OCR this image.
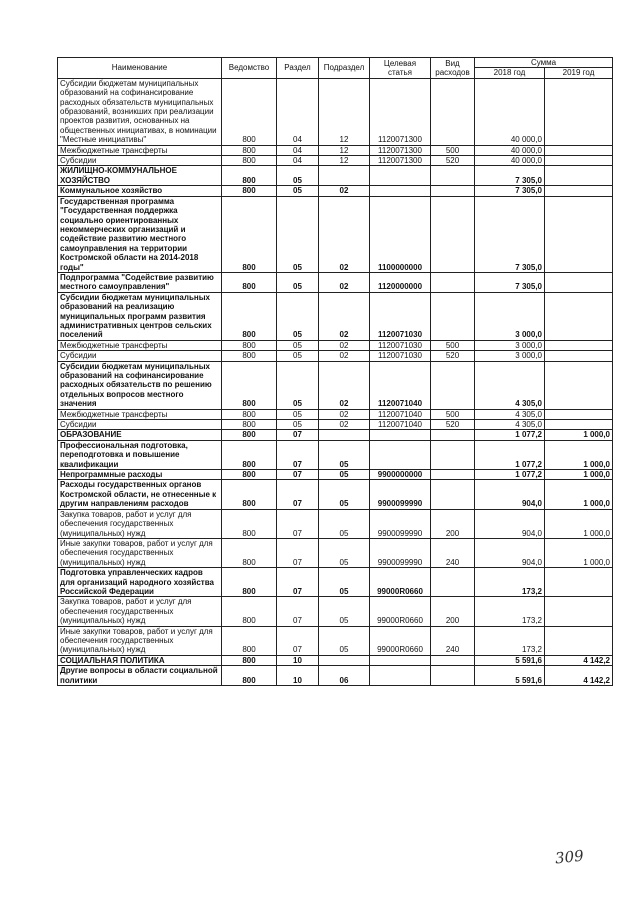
Наименование	Ведомство	Раздел	Подраздел	Целевая статья	Вид расходов	Сумма	
						2018 год	2019 год
Субсидии бюджетам муниципальных образований на софинансирование расходных обязательств муниципальных образований, возникших при реализации проектов развития, основанных на общественных инициативах, в номинации "Местные инициативы"	800	04	12	1120071300		40 000,0	
Межбюджетные трансферты	800	04	12	1120071300	500	40 000,0	
Субсидии	800	04	12	1120071300	520	40 000,0	
ЖИЛИЩНО-КОММУНАЛЬНОЕ ХОЗЯЙСТВО	800	05				7 305,0	
Коммунальное хозяйство	800	05	02			7 305,0	
Государственная программа "Государственная поддержка социально ориентированных некоммерческих организаций и содействие развитию местного самоуправления на территории Костромской области на 2014-2018 годы"	800	05	02	1100000000		7 305,0	
Подпрограмма "Содействие развитию местного самоуправления"	800	05	02	1120000000		7 305,0	
Субсидии бюджетам муниципальных образований на реализацию муниципальных программ развития административных центров сельских поселений	800	05	02	1120071030		3 000,0	
Межбюджетные трансферты	800	05	02	1120071030	500	3 000,0	
Субсидии	800	05	02	1120071030	520	3 000,0	
Субсидии бюджетам муниципальных образований на софинансирование расходных обязательств по решению отдельных вопросов местного значения	800	05	02	1120071040		4 305,0	
Межбюджетные трансферты	800	05	02	1120071040	500	4 305,0	
Субсидии	800	05	02	1120071040	520	4 305,0	
ОБРАЗОВАНИЕ	800	07				1 077,2	1 000,0
Профессиональная подготовка, переподготовка и повышение квалификации	800	07	05			1 077,2	1 000,0
Непрограммные расходы	800	07	05	9900000000		1 077,2	1 000,0
Расходы государственных органов Костромской области, не отнесенные к другим направлениям расходов	800	07	05	9900099990		904,0	1 000,0
Закупка товаров, работ и услуг для обеспечения государственных (муниципальных) нужд	800	07	05	9900099990	200	904,0	1 000,0
Иные закупки товаров, работ и услуг для обеспечения государственных (муниципальных) нужд	800	07	05	9900099990	240	904,0	1 000,0
Подготовка управленческих кадров для организаций народного хозяйства Российской Федерации	800	07	05	99000R0660		173,2	
Закупка товаров, работ и услуг для обеспечения государственных (муниципальных) нужд	800	07	05	99000R0660	200	173,2	
Иные закупки товаров, работ и услуг для обеспечения государственных (муниципальных) нужд	800	07	05	99000R0660	240	173,2	
СОЦИАЛЬНАЯ ПОЛИТИКА	800	10				5 591,6	4 142,2
Другие вопросы в области социальной политики	800	10	06			5 591,6	4 142,2
309
